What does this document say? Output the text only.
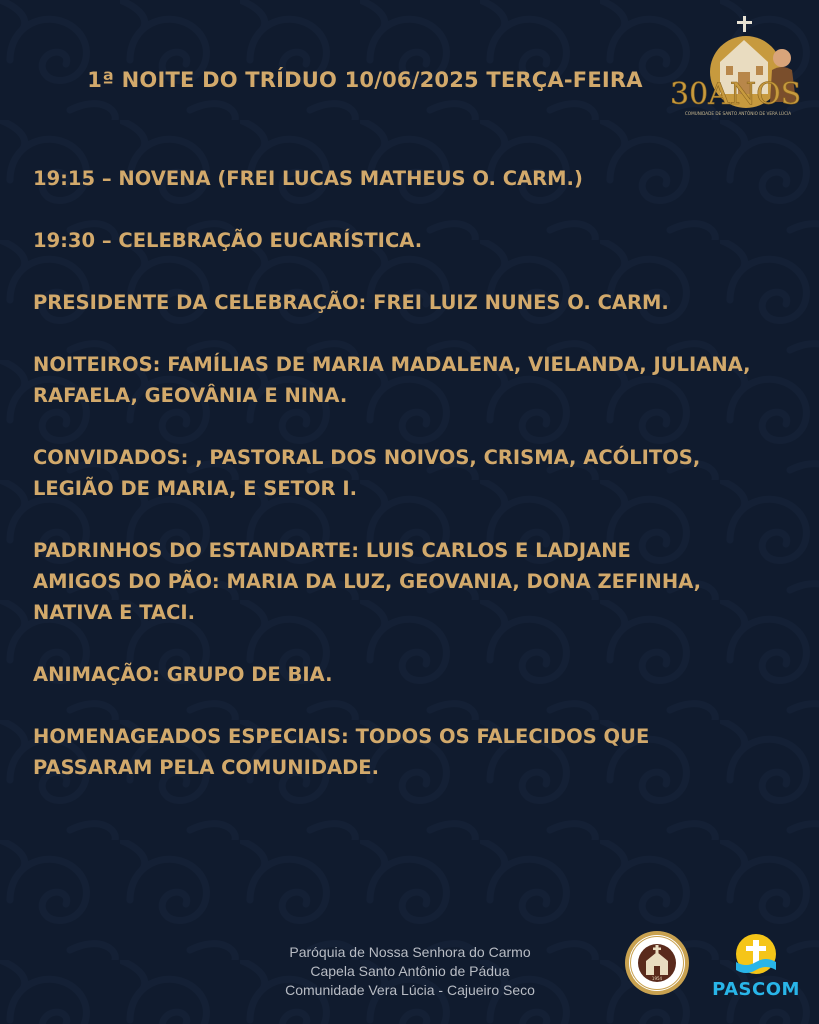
1ª NOITE DO TRÍDUO 10/06/2025 TERÇA-FEIRA 30ANOS
COMUNIDADE DE SANTO ANTÔNIO DE VERA LÚCIA
19:15 – NOVENA (FREI LUCAS MATHEUS O. CARM.)
19:30 – CELEBRAÇÃO EUCARÍSTICA.
PRESIDENTE DA CELEBRAÇÃO: FREI LUIZ NUNES O. CARM.
NOITEIROS: FAMÍLIAS DE MARIA MADALENA, VIELANDA, JULIANA,
RAFAELA, GEOVÂNIA E NINA.
CONVIDADOS: , PASTORAL DOS NOIVOS, CRISMA, ACÓLITOS,
LEGIÃO DE MARIA, E SETOR I.
PADRINHOS DO ESTANDARTE: LUIS CARLOS E LADJANE
AMIGOS DO PÃO: MARIA DA LUZ, GEOVANIA, DONA ZEFINHA,
NATIVA E TACI.
ANIMAÇÃO: GRUPO DE BIA.
HOMENAGEADOS ESPECIAIS: TODOS OS FALECIDOS QUE
PASSARAM PELA COMUNIDADE.
Paróquia de Nossa Senhora do Carmo
Capela Santo Antônio de Pádua
Comunidade Vera Lúcia - Cajueiro Seco
1954
PASCOM
